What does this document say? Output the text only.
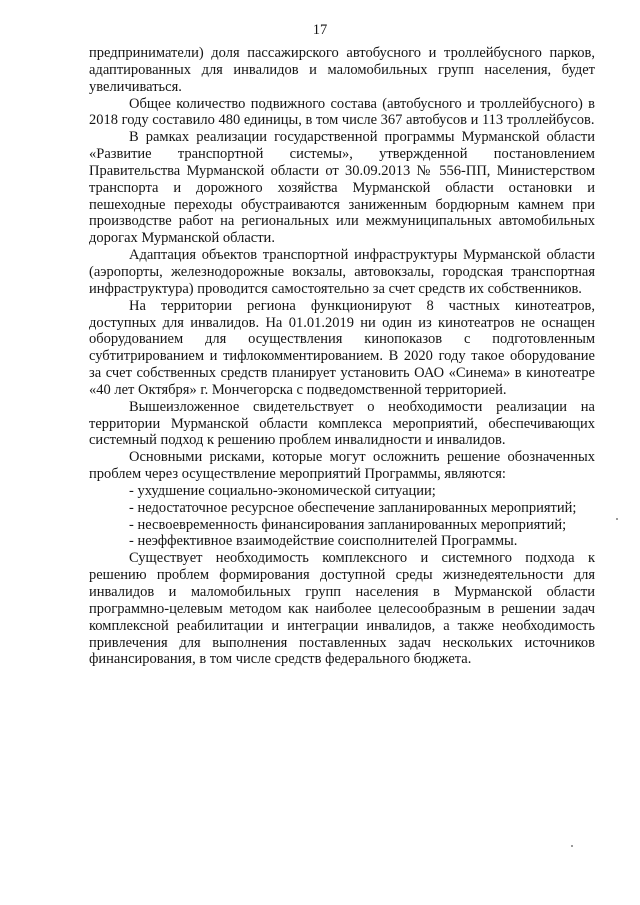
17

предприниматели) доля пассажирского автобусного и троллейбусного парков, адаптированных для инвалидов и маломобильных групп населения, будет увеличиваться.

Общее количество подвижного состава (автобусного и троллейбусного) в 2018 году составило 480 единицы, в том числе 367 автобусов и 113 троллейбусов.

В рамках реализации государственной программы Мурманской области «Развитие транспортной системы», утвержденной постановлением Правительства Мурманской области от 30.09.2013 № 556-ПП, Министерством транспорта и дорожного хозяйства Мурманской области остановки и пешеходные переходы обустраиваются заниженным бордюрным камнем при производстве работ на региональных или межмуниципальных автомобильных дорогах Мурманской области.

Адаптация объектов транспортной инфраструктуры Мурманской области (аэропорты, железнодорожные вокзалы, автовокзалы, городская транспортная инфраструктура) проводится самостоятельно за счет средств их собственников.

На территории региона функционируют 8 частных кинотеатров, доступных для инвалидов. На 01.01.2019 ни один из кинотеатров не оснащен оборудованием для осуществления кинопоказов с подготовленным субтитрированием и тифлокомментированием. В 2020 году такое оборудование за счет собственных средств планирует установить ОАО «Синема» в кинотеатре «40 лет Октября» г. Мончегорска с подведомственной территорией.

Вышеизложенное свидетельствует о необходимости реализации на территории Мурманской области комплекса мероприятий, обеспечивающих системный подход к решению проблем инвалидности и инвалидов.

Основными рисками, которые могут осложнить решение обозначенных проблем через осуществление мероприятий Программы, являются:

- ухудшение социально-экономической ситуации;

- недостаточное ресурсное обеспечение запланированных мероприятий;

- несвоевременность финансирования запланированных мероприятий;

- неэффективное взаимодействие соисполнителей Программы.

Существует необходимость комплексного и системного подхода к решению проблем формирования доступной среды жизнедеятельности для инвалидов и маломобильных групп населения в Мурманской области программно-целевым методом как наиболее целесообразным в решении задач комплексной реабилитации и интеграции инвалидов, а также необходимость привлечения для выполнения поставленных задач нескольких источников финансирования, в том числе средств федерального бюджета.
